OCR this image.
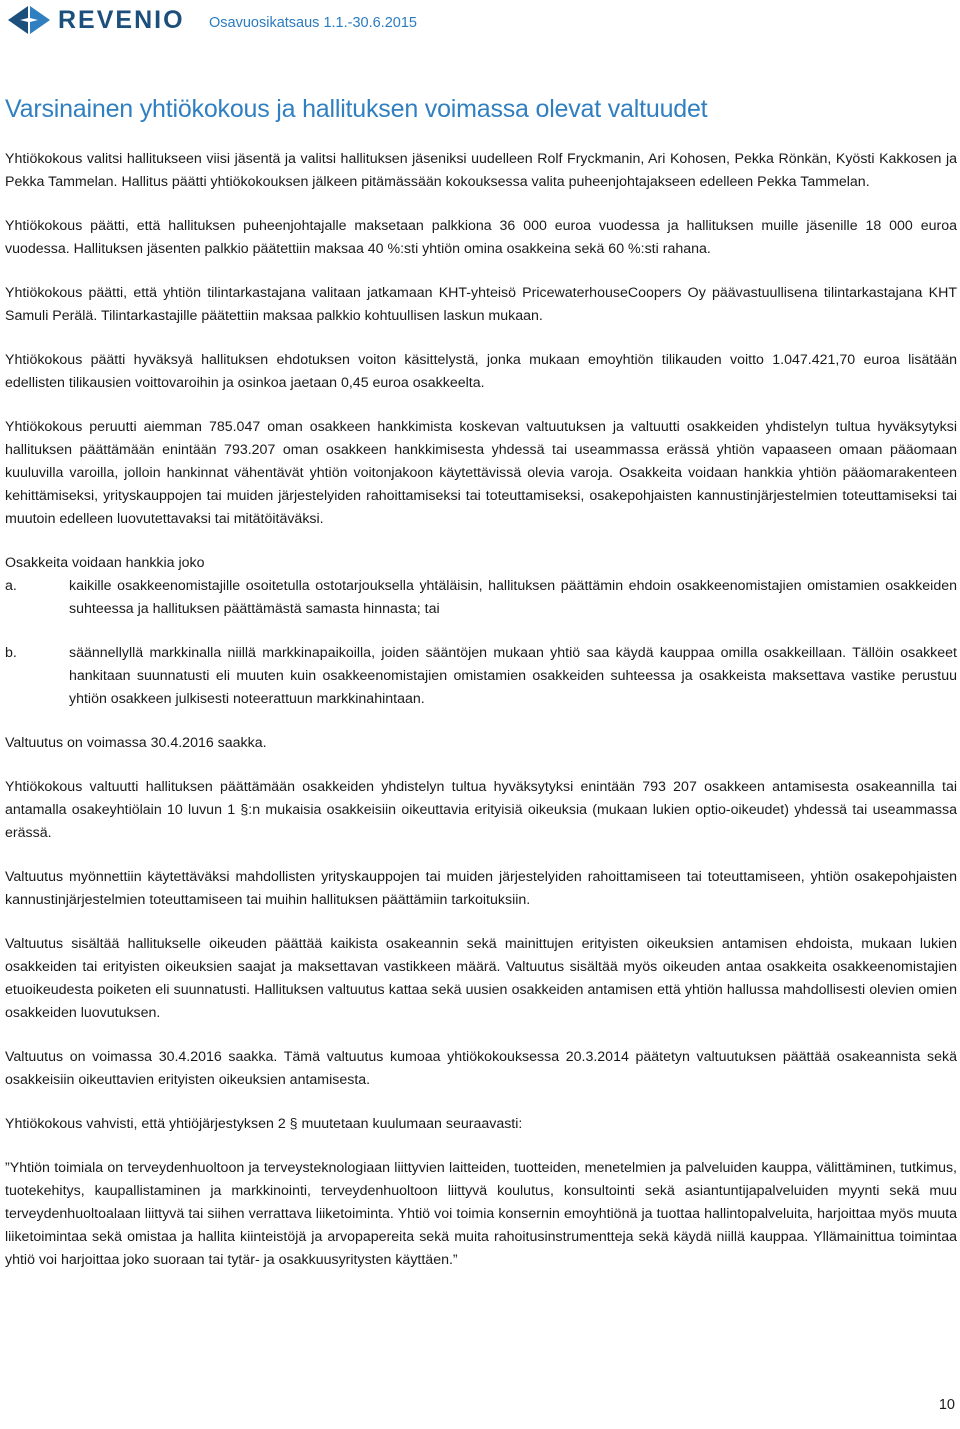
REVENIO Osavuosikatsaus 1.1.-30.6.2015
Varsinainen yhtiökokous ja hallituksen voimassa olevat valtuudet

Yhtiökokous valitsi hallitukseen viisi jäsentä ja valitsi hallituksen jäseniksi uudelleen Rolf Fryckmanin, Ari Kohosen, Pekka Rönkän, Kyösti Kakkosen ja Pekka Tammelan. Hallitus päätti yhtiökokouksen jälkeen pitämässään kokouksessa valita puheenjohtajakseen edelleen Pekka Tammelan.

Yhtiökokous päätti, että hallituksen puheenjohtajalle maksetaan palkkiona 36 000 euroa vuodessa ja hallituksen muille jäsenille 18 000 euroa vuodessa. Hallituksen jäsenten palkkio päätettiin maksaa 40 %:sti yhtiön omina osakkeina sekä 60 %:sti rahana.

Yhtiökokous päätti, että yhtiön tilintarkastajana valitaan jatkamaan KHT-yhteisö PricewaterhouseCoopers Oy päävastuullisena tilintarkastajana KHT Samuli Perälä. Tilintarkastajille päätettiin maksaa palkkio kohtuullisen laskun mukaan.

Yhtiökokous päätti hyväksyä hallituksen ehdotuksen voiton käsittelystä, jonka mukaan emoyhtiön tilikauden voitto 1.047.421,70 euroa lisätään edellisten tilikausien voittovaroihin ja osinkoa jaetaan 0,45 euroa osakkeelta.

Yhtiökokous peruutti aiemman 785.047 oman osakkeen hankkimista koskevan valtuutuksen ja valtuutti osakkeiden yhdistelyn tultua hyväksytyksi hallituksen päättämään enintään 793.207 oman osakkeen hankkimisesta yhdessä tai useammassa erässä yhtiön vapaaseen omaan pääomaan kuuluvilla varoilla, jolloin hankinnat vähentävät yhtiön voitonjakoon käytettävissä olevia varoja. Osakkeita voidaan hankkia yhtiön pääomarakenteen kehittämiseksi, yrityskauppojen tai muiden järjestelyiden rahoittamiseksi tai toteuttamiseksi, osakepohjaisten kannustinjärjestelmien toteuttamiseksi tai muutoin edelleen luovutettavaksi tai mitätöitäväksi.

Osakkeita voidaan hankkia joko

a.	kaikille osakkeenomistajille osoitetulla ostotarjouksella yhtäläisin, hallituksen päättämin ehdoin osakkeenomistajien omistamien osakkeiden suhteessa ja hallituksen päättämästä samasta hinnasta; tai
b.	säännellyllä markkinalla niillä markkinapaikoilla, joiden sääntöjen mukaan yhtiö saa käydä kauppaa omilla osakkeillaan. Tällöin osakkeet hankitaan suunnatusti eli muuten kuin osakkeenomistajien omistamien osakkeiden suhteessa ja osakkeista maksettava vastike perustuu yhtiön osakkeen julkisesti noteerattuun markkinahintaan.

Valtuutus on voimassa 30.4.2016 saakka.

Yhtiökokous valtuutti hallituksen päättämään osakkeiden yhdistelyn tultua hyväksytyksi enintään 793 207 osakkeen antamisesta osakeannilla tai antamalla osakeyhtiölain 10 luvun 1 §:n mukaisia osakkeisiin oikeuttavia erityisiä oikeuksia (mukaan lukien optio-oikeudet) yhdessä tai useammassa erässä.

Valtuutus myönnettiin käytettäväksi mahdollisten yrityskauppojen tai muiden järjestelyiden rahoittamiseen tai toteuttamiseen, yhtiön osakepohjaisten kannustinjärjestelmien toteuttamiseen tai muihin hallituksen päättämiin tarkoituksiin.

Valtuutus sisältää hallitukselle oikeuden päättää kaikista osakeannin sekä mainittujen erityisten oikeuksien antamisen ehdoista, mukaan lukien osakkeiden tai erityisten oikeuksien saajat ja maksettavan vastikkeen määrä. Valtuutus sisältää myös oikeuden antaa osakkeita osakkeenomistajien etuoikeudesta poiketen eli suunnatusti. Hallituksen valtuutus kattaa sekä uusien osakkeiden antamisen että yhtiön hallussa mahdollisesti olevien omien osakkeiden luovutuksen.

Valtuutus on voimassa 30.4.2016 saakka. Tämä valtuutus kumoaa yhtiökokouksessa 20.3.2014 päätetyn valtuutuksen päättää osakeannista sekä osakkeisiin oikeuttavien erityisten oikeuksien antamisesta.

Yhtiökokous vahvisti, että yhtiöjärjestyksen 2 § muutetaan kuulumaan seuraavasti:

”Yhtiön toimiala on terveydenhuoltoon ja terveysteknologiaan liittyvien laitteiden, tuotteiden, menetelmien ja palveluiden kauppa, välittäminen, tutkimus, tuotekehitys, kaupallistaminen ja markkinointi, terveydenhuoltoon liittyvä koulutus, konsultointi sekä asiantuntijapalveluiden myynti sekä muu terveydenhuoltoalaan liittyvä tai siihen verrattava liiketoiminta. Yhtiö voi toimia konsernin emoyhtiönä ja tuottaa hallintopalveluita, harjoittaa myös muuta liiketoimintaa sekä omistaa ja hallita kiinteistöjä ja arvopapereita sekä muita rahoitusinstrumentteja sekä käydä niillä kauppaa. Yllämainittua toimintaa yhtiö voi harjoittaa joko suoraan tai tytär- ja osakkuusyritysten käyttäen.”

10
